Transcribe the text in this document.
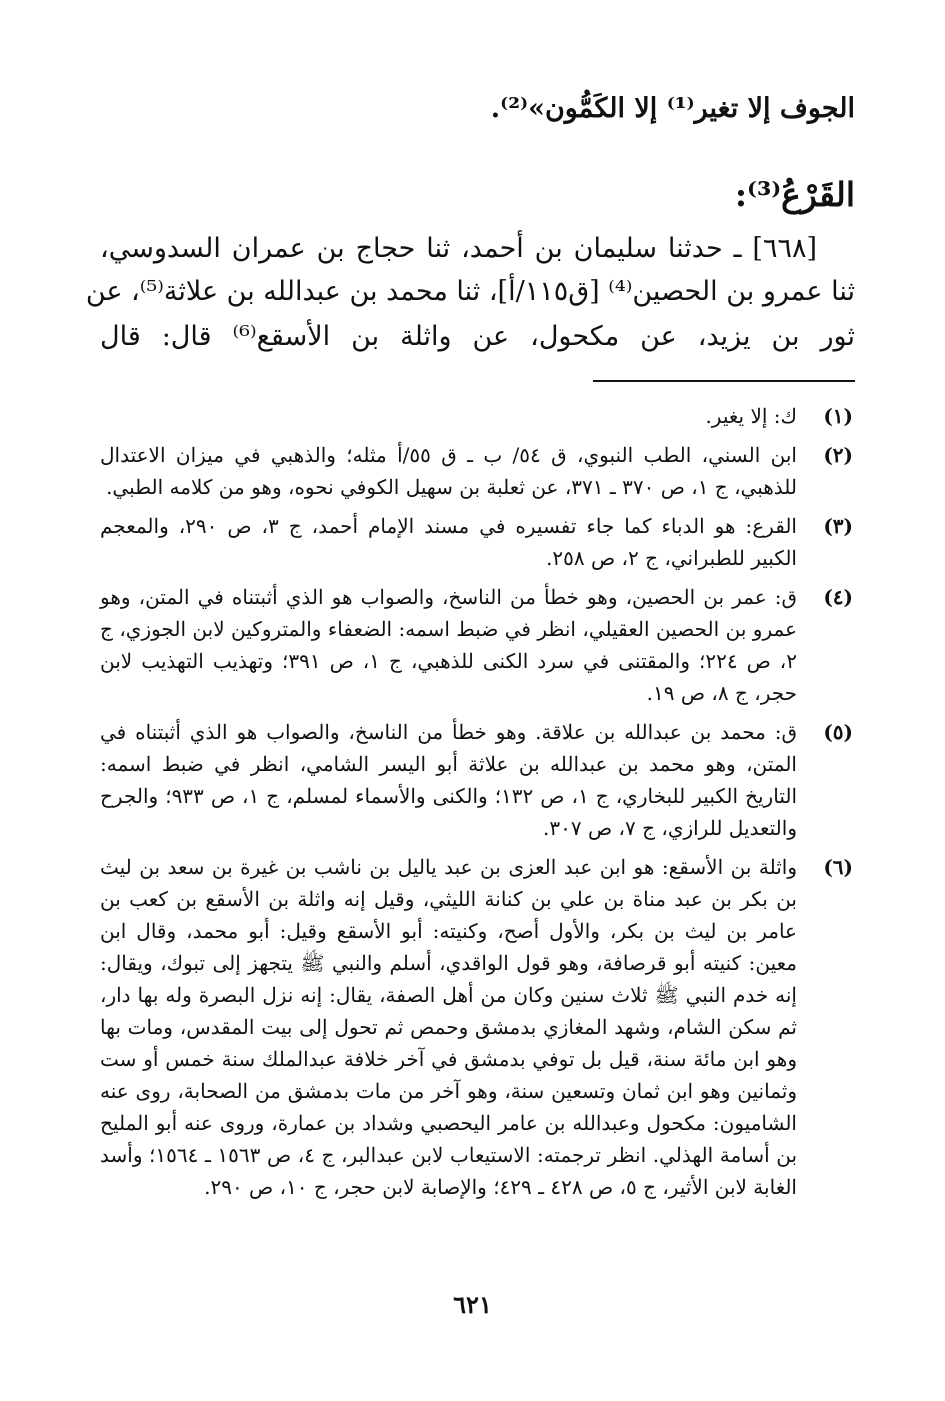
الجوف إلا تغير⁽¹⁾ إلا الكَمُّون»⁽²⁾.
القَرْعُ⁽³⁾:
[٦٦٨] ـ حدثنا سليمان بن أحمد، ثنا حجاج بن عمران السدوسي،
ثنا عمرو بن الحصين⁽⁴⁾ [ق١١٥/أ]، ثنا محمد بن عبدالله بن علاثة⁽⁵⁾، عن
ثور بن يزيد، عن مكحول، عن واثلة بن الأسقع⁽⁶⁾ قال: قال
(١)
ك: إلا يغير.
(٢)
ابن السني، الطب النبوي، ق ٥٤/ ب ـ ق ٥٥/أ مثله؛ والذهبي في ميزان الاعتدال للذهبي، ج ١، ص ٣٧٠ ـ ٣٧١، عن ثعلبة بن سهيل الكوفي نحوه، وهو من كلامه الطبي.
(٣)
القرع: هو الدباء كما جاء تفسيره في مسند الإمام أحمد، ج ٣، ص ٢٩٠، والمعجم الكبير للطبراني، ج ٢، ص ٢٥٨.
(٤)
ق: عمر بن الحصين، وهو خطأ من الناسخ، والصواب هو الذي أثبتناه في المتن، وهو عمرو بن الحصين العقيلي، انظر في ضبط اسمه: الضعفاء والمتروكين لابن الجوزي، ج ٢، ص ٢٢٤؛ والمقتنى في سرد الكنى للذهبي، ج ١، ص ٣٩١؛ وتهذيب التهذيب لابن حجر، ج ٨، ص ١٩.
(٥)
ق: محمد بن عبدالله بن علاقة. وهو خطأ من الناسخ، والصواب هو الذي أثبتناه في المتن، وهو محمد بن عبدالله بن علاثة أبو اليسر الشامي، انظر في ضبط اسمه: التاريخ الكبير للبخاري، ج ١، ص ١٣٢؛ والكنى والأسماء لمسلم، ج ١، ص ٩٣٣؛ والجرح والتعديل للرازي، ج ٧، ص ٣٠٧.
(٦)
واثلة بن الأسقع: هو ابن عبد العزى بن عبد ياليل بن ناشب بن غيرة بن سعد بن ليث بن بكر بن عبد مناة بن علي بن كنانة الليثي، وقيل إنه واثلة بن الأسقع بن كعب بن عامر بن ليث بن بكر، والأول أصح، وكنيته: أبو الأسقع وقيل: أبو محمد، وقال ابن معين: كنيته أبو قرصافة، وهو قول الواقدي، أسلم والنبي ﷺ يتجهز إلى تبوك، ويقال: إنه خدم النبي ﷺ ثلاث سنين وكان من أهل الصفة، يقال: إنه نزل البصرة وله بها دار، ثم سكن الشام، وشهد المغازي بدمشق وحمص ثم تحول إلى بيت المقدس، ومات بها وهو ابن مائة سنة، قيل بل توفي بدمشق في آخر خلافة عبدالملك سنة خمس أو ست وثمانين وهو ابن ثمان وتسعين سنة، وهو آخر من مات بدمشق من الصحابة، روى عنه الشاميون: مكحول وعبدالله بن عامر اليحصبي وشداد بن عمارة، وروى عنه أبو المليح بن أسامة الهذلي. انظر ترجمته: الاستيعاب لابن عبدالبر، ج ٤، ص ١٥٦٣ ـ ١٥٦٤؛ وأسد الغابة لابن الأثير، ج ٥، ص ٤٢٨ ـ ٤٢٩؛ والإصابة لابن حجر، ج ١٠، ص ٢٩٠.
٦٢١
